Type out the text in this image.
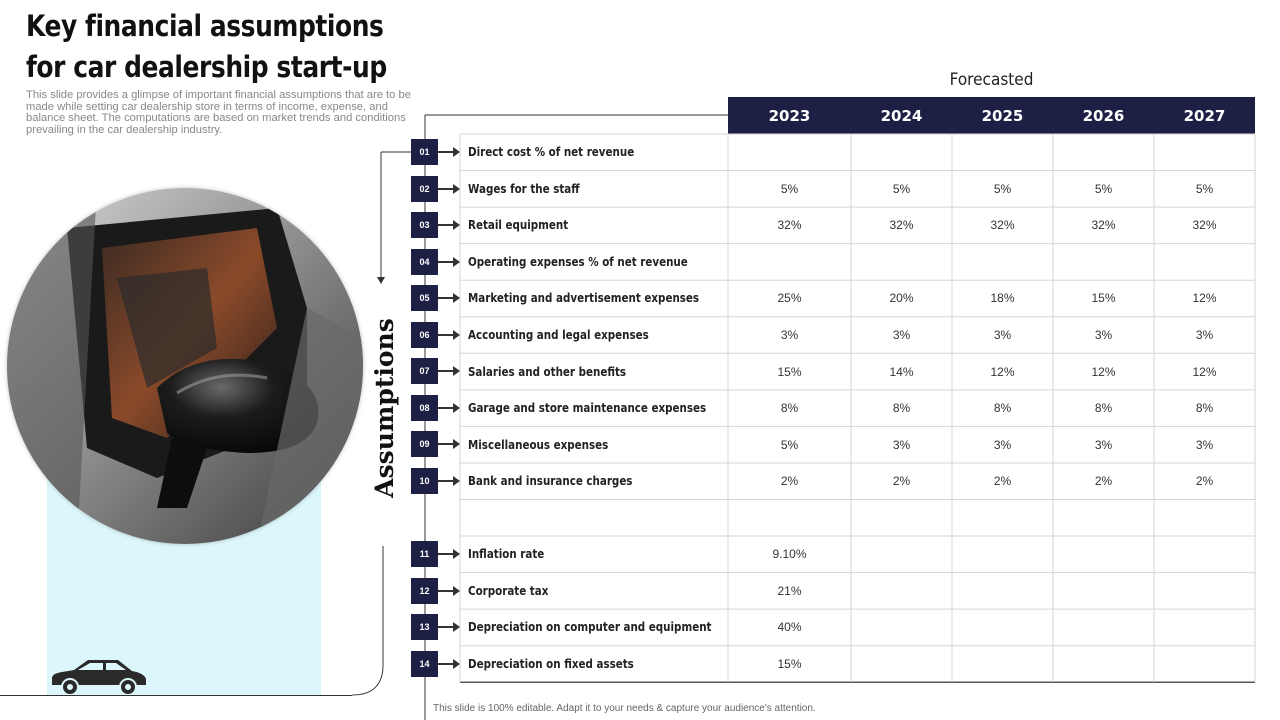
Key financial assumptions for car dealership start-up
This slide provides a glimpse of important financial assumptions that are to be made while setting car dealership store in terms of income, expense, and balance sheet. The computations are based on market trends and conditions prevailing in the car dealership industry.
Assumptions
Forecasted
2023	2024	2025	2026	2027
01	Direct cost % of net revenue
02	Wages for the staff	5%	5%	5%	5%	5%
03	Retail equipment	32%	32%	32%	32%	32%
04	Operating expenses % of net revenue
05	Marketing and advertisement expenses	25%	20%	18%	15%	12%
06	Accounting and legal expenses	3%	3%	3%	3%	3%
07	Salaries and other benefits	15%	14%	12%	12%	12%
08	Garage and store maintenance expenses	8%	8%	8%	8%	8%
09	Miscellaneous expenses	5%	3%	3%	3%	3%
10	Bank and insurance charges	2%	2%	2%	2%	2%
11	Inflation rate	9.10%
12	Corporate tax	21%
13	Depreciation on computer and equipment	40%
14	Depreciation on fixed assets	15%
This slide is 100% editable. Adapt it to your needs & capture your audience's attention.
